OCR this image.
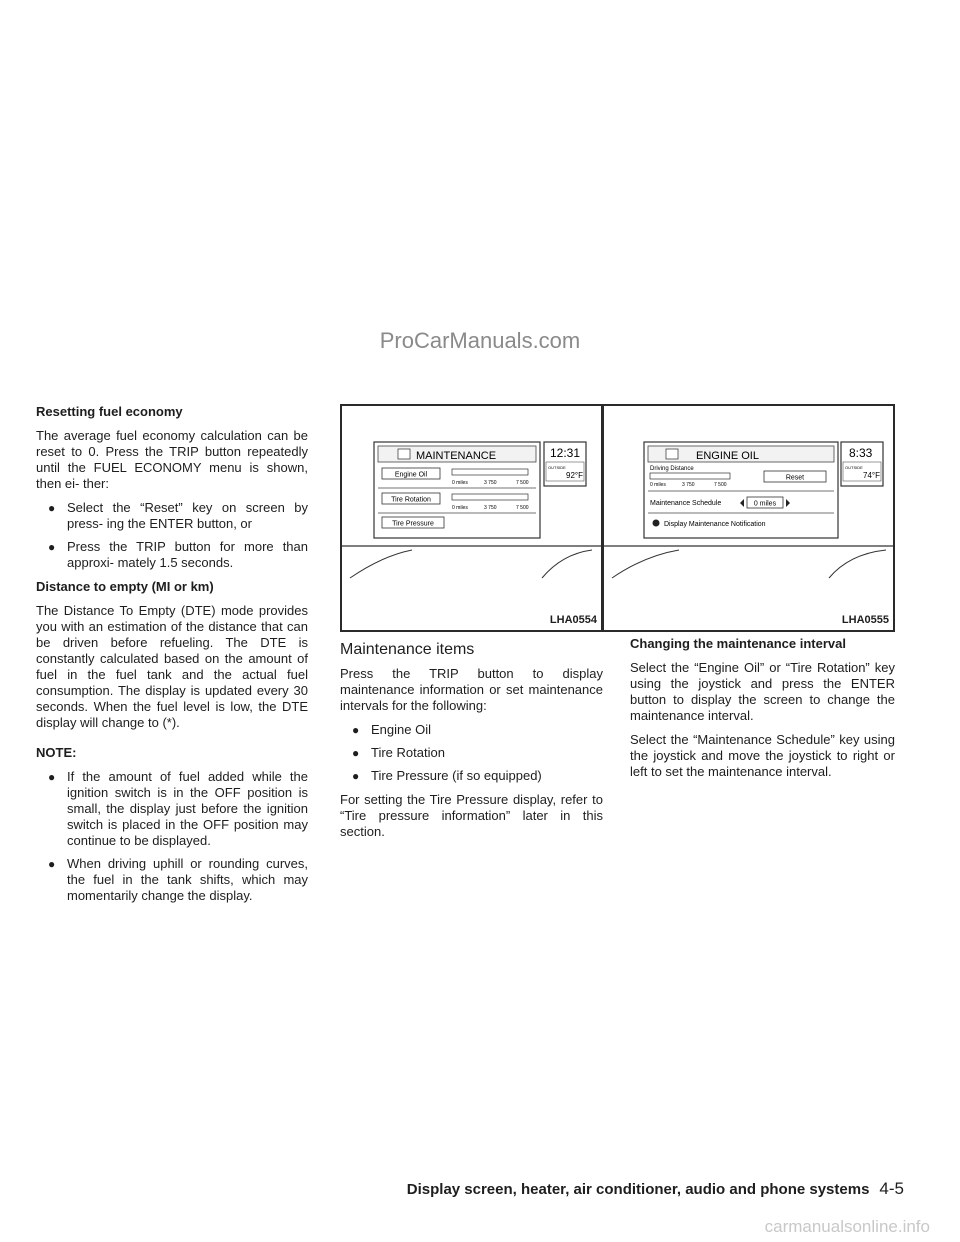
ProCarManuals.com
Resetting fuel economy

The average fuel economy calculation can be reset to 0. Press the TRIP button repeatedly until the FUEL ECONOMY menu is shown, then ei- ther:

● Select the “Reset” key on screen by press- ing the ENTER button, or
● Press the TRIP button for more than approxi- mately 1.5 seconds.
Distance to empty (MI or km)

The Distance To Empty (DTE) mode provides you with an estimation of the distance that can be driven before refueling. The DTE is constantly calculated based on the amount of fuel in the fuel tank and the actual fuel consumption. The display is updated every 30 seconds. When the fuel level is low, the DTE display will change to (*).

NOTE:
● If the amount of fuel added while the ignition switch is in the OFF position is small, the display just before the ignition switch is placed in the OFF position may continue to be displayed.
● When driving uphill or rounding curves, the fuel in the tank shifts, which may momentarily change the display.
MAINTENANCE	12:31
OUTSIDE
92°F
Engine Oil
0 miles	3 750	7 500
Tire Rotation
0 miles	3 750	7 500
Tire Pressure
LHA0554
Maintenance items

Press the TRIP button to display maintenance information or set maintenance intervals for the following:

● Engine Oil
● Tire Rotation
● Tire Pressure (if so equipped)

For setting the Tire Pressure display, refer to “Tire pressure information” later in this section.

ENGINE OIL	8:33
OUTSIDE
74°F
Driving Distance
0 miles	3 750	7 500
Reset
Maintenance Schedule	0 miles
Display Maintenance Notification
LHA0555
Changing the maintenance interval

Select the “Engine Oil” or “Tire Rotation” key using the joystick and press the ENTER button to display the screen to change the maintenance interval.

Select the “Maintenance Schedule” key using the joystick and move the joystick to right or left to set the maintenance interval.

Display screen, heater, air conditioner, audio and phone systems 4-5
carmanualsonline.info
